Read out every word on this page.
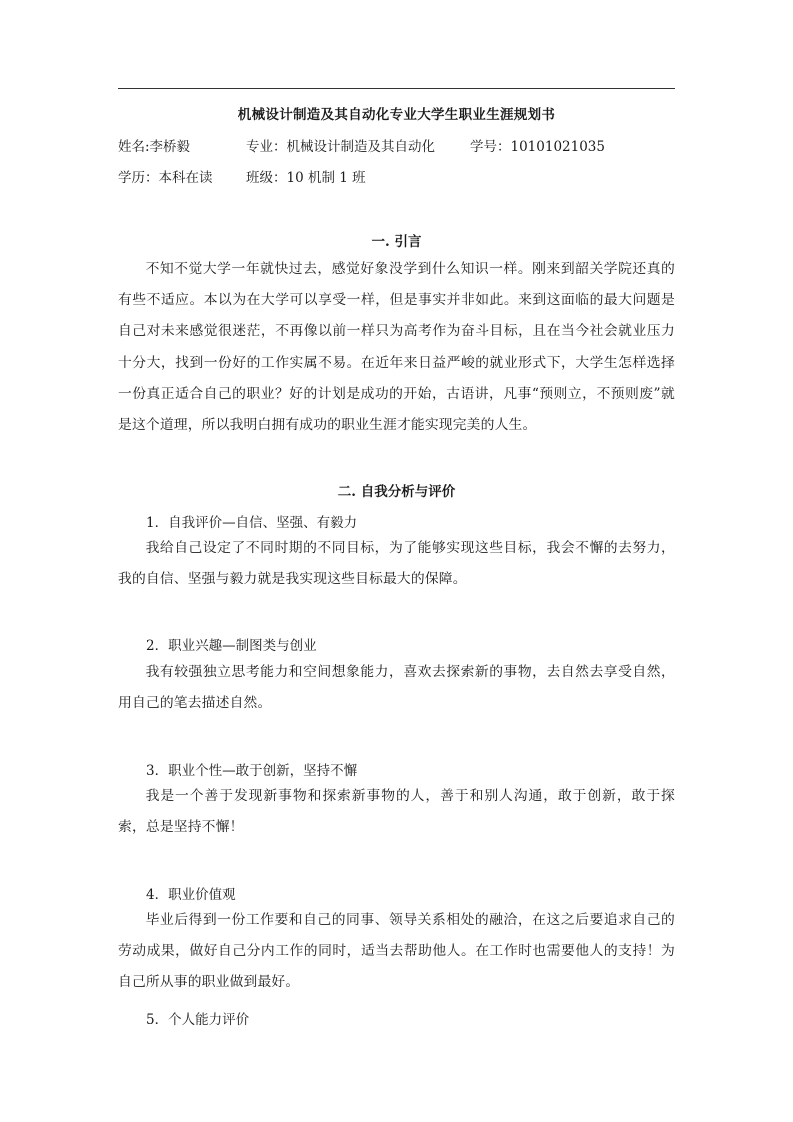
机械设计制造及其自动化专业大学生职业生涯规划书
姓名:李桥毅	专业：机械设计制造及其自动化	学号：10101021035
学历：本科在读 班级：10 机制 1 班
一. 引言

不知不觉大学一年就快过去，感觉好象没学到什么知识一样。刚来到韶关学院还真的有些不适应。本以为在大学可以享受一样，但是事实并非如此。来到这面临的最大问题是自己对未来感觉很迷茫，不再像以前一样只为高考作为奋斗目标，且在当今社会就业压力十分大，找到一份好的工作实属不易。在近年来日益严峻的就业形式下，大学生怎样选择一份真正适合自己的职业？好的计划是成功的开始，古语讲，凡事“预则立，不预则废”就是这个道理，所以我明白拥有成功的职业生涯才能实现完美的人生。

二. 自我分析与评价
1．自我评价—自信、坚强、有毅力

我给自己设定了不同时期的不同目标，为了能够实现这些目标，我会不懈的去努力，我的自信、坚强与毅力就是我实现这些目标最大的保障。

2．职业兴趣—制图类与创业

我有较强独立思考能力和空间想象能力，喜欢去探索新的事物，去自然去享受自然，用自己的笔去描述自然。

3．职业个性—敢于创新，坚持不懈

我是一个善于发现新事物和探索新事物的人，善于和别人沟通，敢于创新，敢于探索，总是坚持不懈！

4．职业价值观

毕业后得到一份工作要和自己的同事、领导关系相处的融洽，在这之后要追求自己的劳动成果，做好自己分内工作的同时，适当去帮助他人。在工作时也需要他人的支持！为自己所从事的职业做到最好。

5．个人能力评价
